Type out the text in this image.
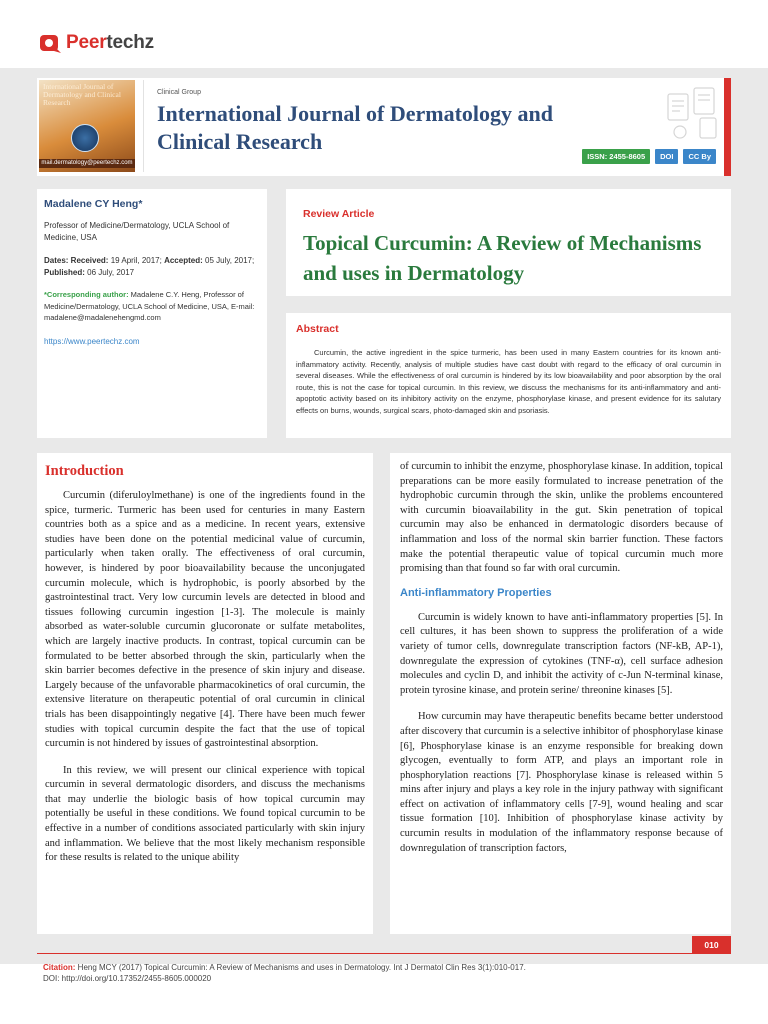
Peertechz
International Journal of Dermatology and Clinical Research
mail.dermatology@peertechz.com
Clinical Group
International Journal of Dermatology and Clinical Research
ISSN: 2455-8605	DOI	CC By
Madalene CY Heng*
Professor of Medicine/Dermatology, UCLA School of Medicine, USA
Dates: Received: 19 April, 2017; Accepted: 05 July, 2017; Published: 06 July, 2017
*Corresponding author: Madalene C.Y. Heng, Professor of Medicine/Dermatology, UCLA School of Medicine, USA, E-mail: madalene@madalenehengmd.com
https://www.peertechz.com
Review Article
Topical Curcumin: A Review of Mechanisms and uses in Dermatology
Abstract
Curcumin, the active ingredient in the spice turmeric, has been used in many Eastern countries for its known anti-inflammatory activity. Recently, analysis of multiple studies have cast doubt with regard to the efficacy of oral curcumin in several diseases. While the effectiveness of oral curcumin is hindered by its low bioavailability and poor absorption by the oral route, this is not the case for topical curcumin. In this review, we discuss the mechanisms for its anti-inflammatory and anti-apoptotic activity based on its inhibitory activity on the enzyme, phosphorylase kinase, and present evidence for its salutary effects on burns, wounds, surgical scars, photo-damaged skin and psoriasis.
Introduction

Curcumin (diferuloylmethane) is one of the ingredients found in the spice, turmeric. Turmeric has been used for centuries in many Eastern countries both as a spice and as a medicine. In recent years, extensive studies have been done on the potential medicinal value of curcumin, particularly when taken orally. The effectiveness of oral curcumin, however, is hindered by poor bioavailability because the unconjugated curcumin molecule, which is hydrophobic, is poorly absorbed by the gastrointestinal tract. Very low curcumin levels are detected in blood and tissues following curcumin ingestion [1-3]. The molecule is mainly absorbed as water-soluble curcumin glucoronate or sulfate metabolites, which are largely inactive products. In contrast, topical curcumin can be formulated to be better absorbed through the skin, particularly when the skin barrier becomes defective in the presence of skin injury and disease. Largely because of the unfavorable pharmacokinetics of oral curcumin, the extensive literature on therapeutic potential of oral curcumin in clinical trials has been disappointingly negative [4]. There have been much fewer studies with topical curcumin despite the fact that the use of topical curcumin is not hindered by issues of gastrointestinal absorption.

In this review, we will present our clinical experience with topical curcumin in several dermatologic disorders, and discuss the mechanisms that may underlie the biologic basis of how topical curcumin may potentially be useful in these conditions. We found topical curcumin to be effective in a number of conditions associated particularly with skin injury and inflammation. We believe that the most likely mechanism responsible for these results is related to the unique ability

of curcumin to inhibit the enzyme, phosphorylase kinase. In addition, topical preparations can be more easily formulated to increase penetration of the hydrophobic curcumin through the skin, unlike the problems encountered with curcumin bioavailability in the gut. Skin penetration of topical curcumin may also be enhanced in dermatologic disorders because of inflammation and loss of the normal skin barrier function. These factors make the potential therapeutic value of topical curcumin much more promising than that found so far with oral curcumin.

Anti-inflammatory Properties

Curcumin is widely known to have anti-inflammatory properties [5]. In cell cultures, it has been shown to suppress the proliferation of a wide variety of tumor cells, downregulate transcription factors (NF-kB, AP-1), downregulate the expression of cytokines (TNF-α), cell surface adhesion molecules and cyclin D, and inhibit the activity of c-Jun N-terminal kinase, protein tyrosine kinase, and protein serine/ threonine kinases [5].

How curcumin may have therapeutic benefits became better understood after discovery that curcumin is a selective inhibitor of phosphorylase kinase [6], Phosphorylase kinase is an enzyme responsible for breaking down glycogen, eventually to form ATP, and plays an important role in phosphorylation reactions [7]. Phosphorylase kinase is released within 5 mins after injury and plays a key role in the injury pathway with significant effect on activation of inflammatory cells [7-9], wound healing and scar tissue formation [10]. Inhibition of phosphorylase kinase activity by curcumin results in modulation of the inflammatory response because of downregulation of transcription factors,

010
Citation: Heng MCY (2017) Topical Curcumin: A Review of Mechanisms and uses in Dermatology. Int J Dermatol Clin Res 3(1):010-017.
DOI: http://doi.org/10.17352/2455-8605.000020
